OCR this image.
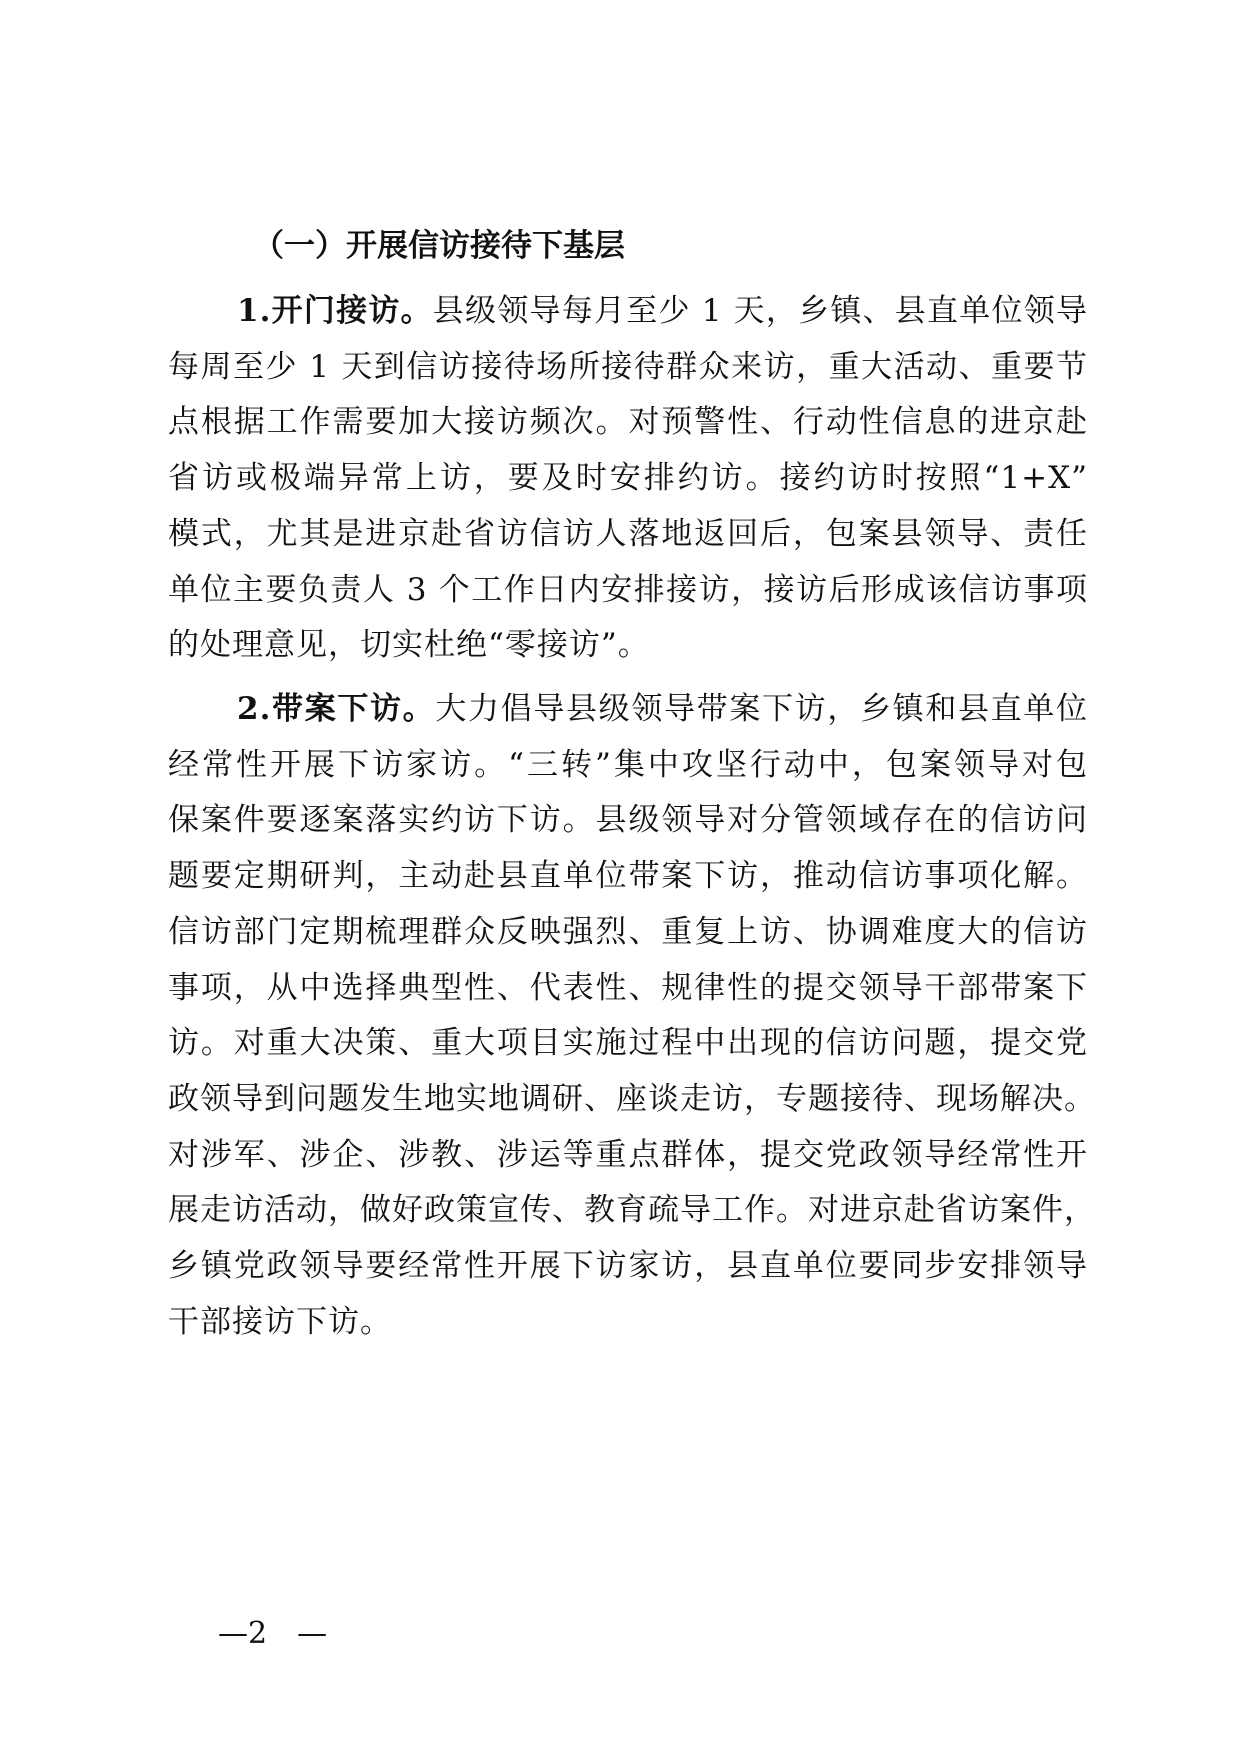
（一）开展信访接待下基层
1.开门接访。县级领导每月至少 1 天，乡镇、县直单位领导
每周至少 1 天到信访接待场所接待群众来访，重大活动、重要节
点根据工作需要加大接访频次。对预警性、行动性信息的进京赴
省访或极端异常上访，要及时安排约访。接约访时按照“1+X”
模式，尤其是进京赴省访信访人落地返回后，包案县领导、责任
单位主要负责人 3 个工作日内安排接访，接访后形成该信访事项
的处理意见，切实杜绝“零接访”。
2.带案下访。大力倡导县级领导带案下访，乡镇和县直单位
经常性开展下访家访。“三转”集中攻坚行动中，包案领导对包
保案件要逐案落实约访下访。县级领导对分管领域存在的信访问
题要定期研判，主动赴县直单位带案下访，推动信访事项化解。
信访部门定期梳理群众反映强烈、重复上访、协调难度大的信访
事项，从中选择典型性、代表性、规律性的提交领导干部带案下
访。对重大决策、重大项目实施过程中出现的信访问题，提交党
政领导到问题发生地实地调研、座谈走访，专题接待、现场解决。
对涉军、涉企、涉教、涉运等重点群体，提交党政领导经常性开
展走访活动，做好政策宣传、教育疏导工作。对进京赴省访案件，
乡镇党政领导要经常性开展下访家访，县直单位要同步安排领导
干部接访下访。
—2　—
